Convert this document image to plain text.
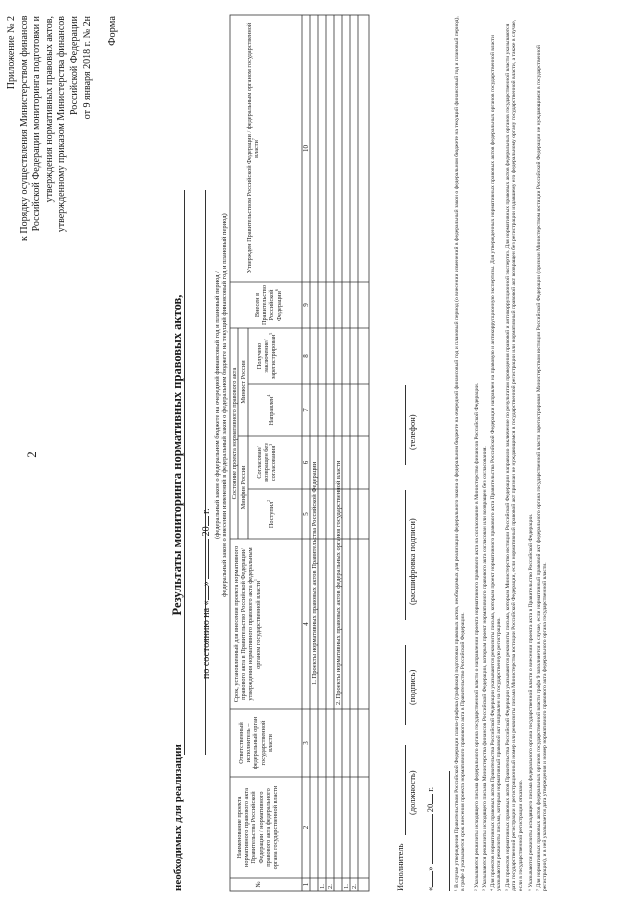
2
Приложение № 2 к Порядку осуществления Министерством финансов Российской Федерации мониторинга подготовки и утверждения нормативных правовых актов, утвержденному приказом Министерства финансов Российской Федерации от 9 января 2018 г. № 2н Форма
Результаты мониторинга нормативных правовых актов,
необходимых для реализации
(федеральный закон о федеральном бюджете на очередной финансовый год и плановый период / федеральный закон о внесении изменений в федеральный закон о федеральном бюджете на текущий финансовый год и плановый период)
по состоянию на «»  20 г.
№
Наименование проекта нормативного правового акта Правительства Российской Федерации / нормативного правового акта федерального органа государственной власти
Ответственный исполнитель – федеральный орган государственной власти
Срок, установленный для внесения проекта нормативного правового акта в Правительство Российской Федерации/ утверждения нормативного правового акта федеральным органом государственной власти$^1$
Состояние проекта нормативного правового акта Минфин России
Минюст России
Поступил$^2$
Согласован/ возвращен без согласования$^3$
Направлен$^4$
Получено заключение/ зарегистрирован$^5$
Внесен в Правительство Российской Федерации$^6$
Утвержден Правительством Российской Федерации / федеральным органом государственной власти$^7$
1
2
3
4
5
6
7
8
9
10
1. Проекты нормативных правовых актов Правительства Российской Федерации
1. 2.
2. Проекты нормативных правовых актов федеральных органов государственной власти
1. 2.	Исполнитель
(должность)
(подпись)
(расшифровка подписи)
(телефон)
«»  20 г.	¹ В случае утверждения Правительством Российской Федерации плана-графика (графиков) подготовки правовых актов, необходимых для реализации федерального закона о федеральном бюджете на очередной финансовый год и плановый период (о внесении изменений в федеральный закон о федеральном бюджете на текущий финансовый год и плановый период), в графе 4 указывается срок внесения проекта нормативного правового акта в Правительство Российской Федерации. ² Указываются реквизиты исходящего письма федерального органа государственной власти о направлении проекта нормативного правового акта на согласование в Министерство финансов Российской Федерации. ³ Указываются реквизиты исходящего письма Министерства финансов Российской Федерации, которым проект нормативного правового акта согласован или возвращен без согласования. ⁴ Для проектов нормативных правовых актов Правительства Российской Федерации указываются реквизиты письма, которым проект нормативного правового акта Правительства Российской Федерации направлен на правовую и антикоррупционную экспертизы. Для утвержденных нормативных правовых актов федеральных органов государственной власти указываются реквизиты письма, которым нормативный правовой акт направлен на государственную регистрацию. ⁵ Для проектов нормативных правовых актов Правительства Российской Федерации указываются реквизиты письма, которым Министерство юстиции Российской Федерации направило заключение по результатам проведения правовой и антикоррупционной экспертиз. Для нормативных правовых актов федеральных органов государственной власти указываются дата государственной регистрации и регистрационный номер или реквизиты письма Министерства юстиции Российской Федерации, если нормативный правовой акт признан не нуждающимся в государственной регистрации или нормативный правовой акт возвращен без регистрации издавшему его федеральному органу государственной власти, а также в случае, если в государственной регистрации отказано. ⁶ Указываются реквизиты исходящего письма федерального органа государственной власти о внесении проекта акта в Правительство Российской Федерации. ⁷ Для нормативных правовых актов федеральных органов государственной власти графа 9 заполняется в случае, если нормативный правовой акт федерального органа государственной власти зарегистрирован Министерством юстиции Российской Федерации (признан Министерством юстиции Российской Федерации не нуждающимся в государственной регистрации), и в ней указывается дата утверждения и номер нормативного правового акта федерального органа государственной власти.
